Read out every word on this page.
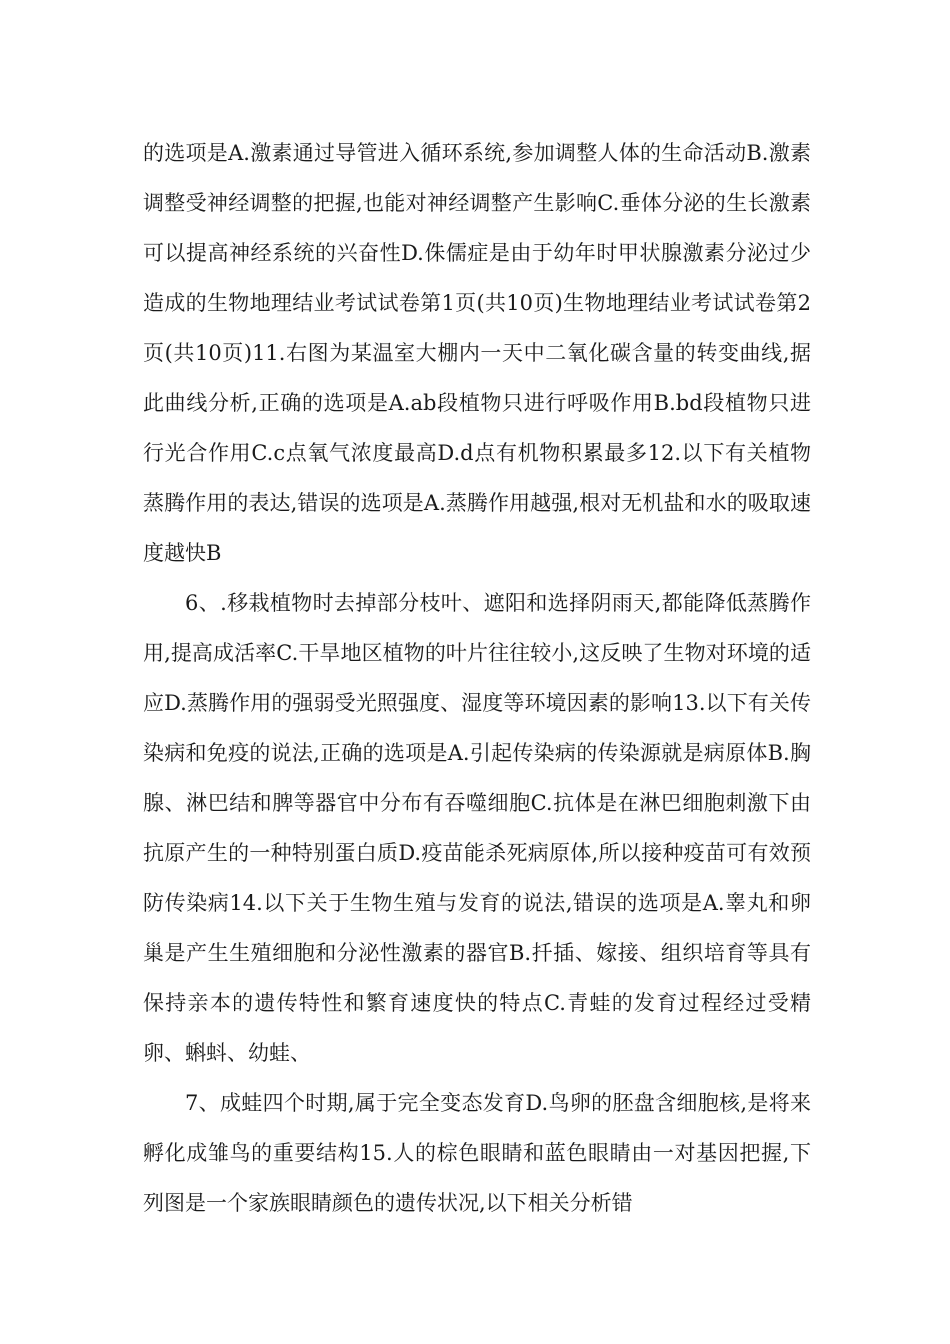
的选项是A.激素通过导管进入循环系统,参加调整人体的生命活动B.激素调整受神经调整的把握,也能对神经调整产生影响C.垂体分泌的生长激素可以提高神经系统的兴奋性D.侏儒症是由于幼年时甲状腺激素分泌过少造成的生物地理结业考试试卷第1页(共10页)生物地理结业考试试卷第2页(共10页)11.右图为某温室大棚内一天中二氧化碳含量的转变曲线,据此曲线分析,正确的选项是A.ab段植物只进行呼吸作用B.bd段植物只进行光合作用C.c点氧气浓度最高D.d点有机物积累最多12.以下有关植物蒸腾作用的表达,错误的选项是A.蒸腾作用越强,根对无机盐和水的吸取速度越快B

6、.移栽植物时去掉部分枝叶、遮阳和选择阴雨天,都能降低蒸腾作用,提高成活率C.干旱地区植物的叶片往往较小,这反映了生物对环境的适应D.蒸腾作用的强弱受光照强度、湿度等环境因素的影响13.以下有关传染病和免疫的说法,正确的选项是A.引起传染病的传染源就是病原体B.胸腺、淋巴结和脾等器官中分布有吞噬细胞C.抗体是在淋巴细胞刺激下由抗原产生的一种特别蛋白质D.疫苗能杀死病原体,所以接种疫苗可有效预防传染病14.以下关于生物生殖与发育的说法,错误的选项是A.睾丸和卵巢是产生生殖细胞和分泌性激素的器官B.扦插、嫁接、组织培育等具有保持亲本的遗传特性和繁育速度快的特点C.青蛙的发育过程经过受精卵、蝌蚪、幼蛙、

7、成蛙四个时期,属于完全变态发育D.鸟卵的胚盘含细胞核,是将来孵化成雏鸟的重要结构15.人的棕色眼睛和蓝色眼睛由一对基因把握,下列图是一个家族眼睛颜色的遗传状况,以下相关分析错
